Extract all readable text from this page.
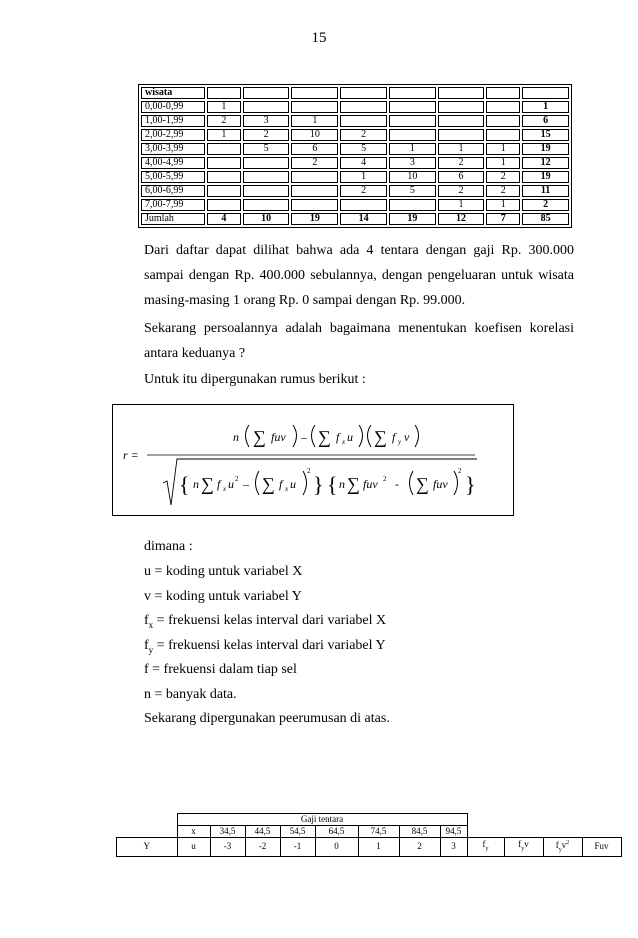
15
wisata								
0,00-0,99	1							1
1,00-1,99	2	3	1					6
2,00-2,99	1	2	10	2				15
3,00-3,99		5	6	5	1	1	1	19
4,00-4,99			2	4	3	2	1	12
5,00-5,99				1	10	6	2	19
6,00-6,99				2	5	2	2	11
7,00-7,99						1	1	2
Jumlah	4	10	19	14	19	12	7	85
Dari daftar dapat dilihat bahwa ada 4 tentara dengan gaji Rp. 300.000 sampai dengan Rp. 400.000 sebulannya, dengan pengeluaran untuk wisata masing-masing 1 orang Rp. 0 sampai dengan Rp. 99.000.
Sekarang persoalannya adalah bagaimana menentukan koefisen korelasi antara keduanya ?
Untuk itu dipergunakan rumus berikut :
r =
n ∑ fuv – ∑ f x u ∑ f y v
{ n ∑ f x u 2 – ∑ f x u
2
} { n ∑ fuv 2 - ∑ fuv
2
}
dimana :
u = koding untuk variabel X
v = koding untuk variabel Y
$f_x$ = frekuensi kelas interval dari variabel X
$f_y$ = frekuensi kelas interval dari variabel Y
f = frekuensi dalam tiap sel
n = banyak data.
Sekarang dipergunakan peerumusan di atas.
	Gaji tentara											
	x	34,5	44,5	54,5	64,5	74,5	84,5	94,5				
Y	u	-3	-2	-1	0	1	2	3	$f_y$	$f_yv$	$f_yv^2$	Fuv
